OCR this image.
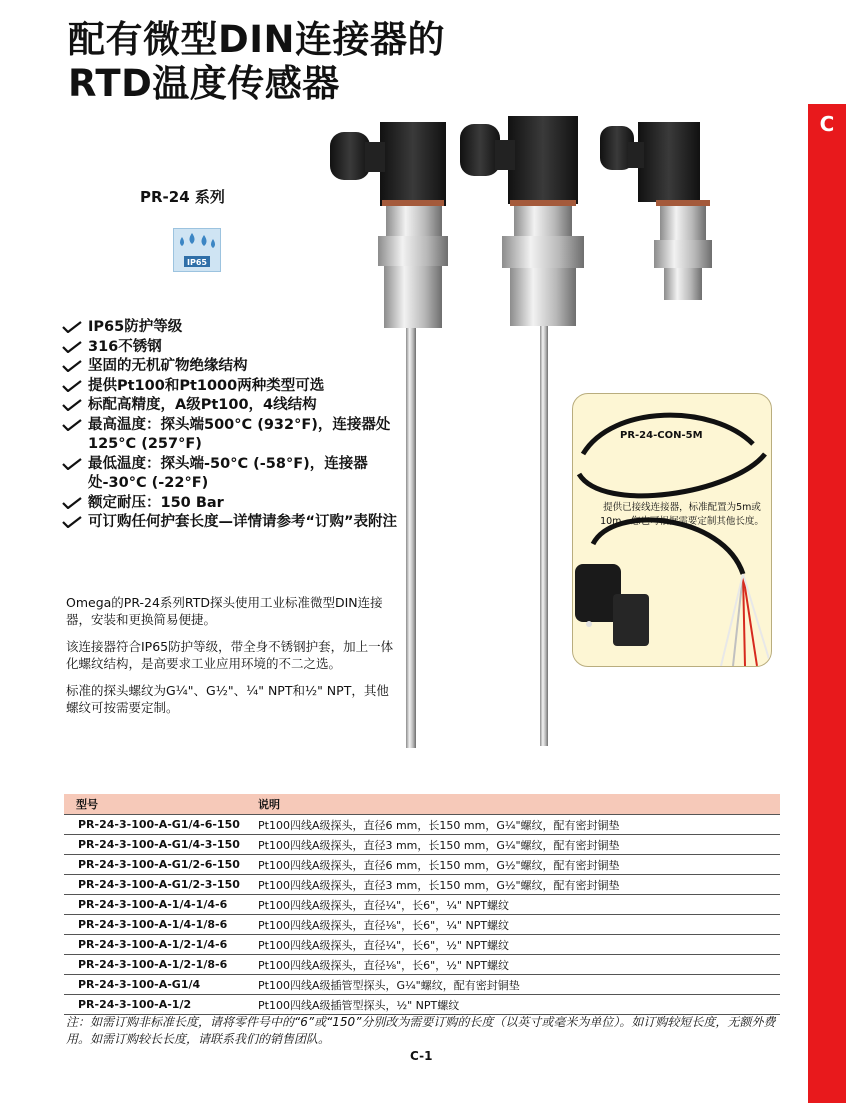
配有微型DIN连接器的
RTD温度传感器
PR-24 系列
IP65
C
IP65防护等级
316不锈钢
坚固的无机矿物绝缘结构
提供Pt100和Pt1000两种类型可选
标配高精度，A级Pt100，4线结构
最高温度：探头端500°C (932°F)，连接器处125°C (257°F)
最低温度：探头端-50°C (-58°F)，连接器处-30°C (-22°F)
额定耐压：150 Bar
可订购任何护套长度—详情请参考“订购”表附注

Omega的PR-24系列RTD探头使用工业标准微型DIN连接器，安装和更换简易便捷。

该连接器符合IP65防护等级，带全身不锈钢护套，加上一体化螺纹结构，是高要求工业应用环境的不二之选。

标准的探头螺纹为G¼"、G½"、¼" NPT和½" NPT，其他螺纹可按需要定制。

PR-24-CON-5M
提供已接线连接器，标准配置为5m或10m。您也可根据需要定制其他长度。
型号	说明
PR-24-3-100-A-G1/4-6-150	Pt100四线A级探头，直径6 mm，长150 mm，G¼"螺纹，配有密封铜垫
PR-24-3-100-A-G1/4-3-150	Pt100四线A级探头，直径3 mm，长150 mm，G¼"螺纹，配有密封铜垫
PR-24-3-100-A-G1/2-6-150	Pt100四线A级探头，直径6 mm，长150 mm，G½"螺纹，配有密封铜垫
PR-24-3-100-A-G1/2-3-150	Pt100四线A级探头，直径3 mm，长150 mm，G½"螺纹，配有密封铜垫
PR-24-3-100-A-1/4-1/4-6	Pt100四线A级探头，直径¼"，长6"，¼" NPT螺纹
PR-24-3-100-A-1/4-1/8-6	Pt100四线A级探头，直径⅛"，长6"，¼" NPT螺纹
PR-24-3-100-A-1/2-1/4-6	Pt100四线A级探头，直径¼"，长6"，½" NPT螺纹
PR-24-3-100-A-1/2-1/8-6	Pt100四线A级探头，直径⅛"，长6"，½" NPT螺纹
PR-24-3-100-A-G1/4	Pt100四线A级插管型探头，G¼"螺纹，配有密封铜垫
PR-24-3-100-A-1/2	Pt100四线A级插管型探头，½" NPT螺纹
注：如需订购非标准长度，请将零件号中的“6”或“150”分别改为需要订购的长度（以英寸或毫米为单位）。如订购较短长度，无额外费用。如需订购较长长度，请联系我们的销售团队。
C-1
